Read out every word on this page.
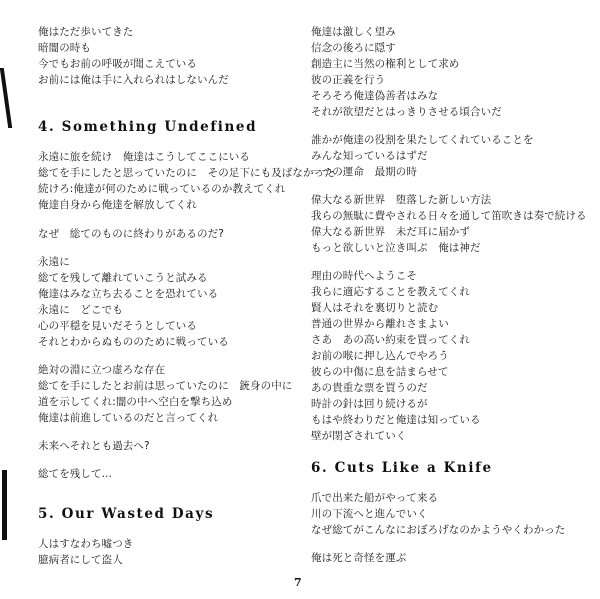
俺はただ歩いてきた
暗闇の時も
今でもお前の呼吸が聞こえている
お前には俺は手に入れられはしないんだ
4. Something Undefined
永遠に旅を続け　俺達はこうしてここにいる
総てを手にしたと思っていたのに　その足下にも及ばなかった
続けろ:俺達が何のために戦っているのか教えてくれ
俺達自身から俺達を解放してくれ
なぜ　総てのものに終わりがあるのだ?
永遠に
総てを残して離れていこうと試みる
俺達はみな立ち去ることを恐れている
永遠に　どこでも
心の平穏を見いだそうとしている
それとわからぬもののために戦っている
絶対の淵に立つ虚ろな存在
総てを手にしたとお前は思っていたのに　銃身の中に
道を示してくれ:闇の中へ空白を撃ち込め
俺達は前進しているのだと言ってくれ
未来へそれとも過去へ?
総てを残して...
5. Our Wasted Days
人はすなわち嘘つき
臆病者にして盗人
俺達は激しく望み
信念の後ろに隠す
創造主に当然の権利として求め
彼の正義を行う
そろそろ俺達偽善者はみな
それが欲望だとはっきりさせる頃合いだ
誰かが俺達の役割を果たしてくれていることを
みんな知っているはずだ
一つの運命　最期の時
偉大なる新世界　堕落した新しい方法
我らの無駄に費やされる日々を通して笛吹きは奏で続ける
偉大なる新世界　未だ耳に届かず
もっと欲しいと泣き叫ぶ　俺は神だ
理由の時代へようこそ
我らに適応することを教えてくれ
賢人はそれを裏切りと読む
普通の世界から離れさまよい
さあ　あの高い約束を買ってくれ
お前の喉に押し込んでやろう
彼らの中傷に息を詰まらせて
あの貴重な票を買うのだ
時計の針は回り続けるが
もはや終わりだと俺達は知っている
壁が閉ざされていく
6. Cuts Like a Knife
爪で出来た船がやって来る
川の下流へと進んでいく
なぜ総てがこんなにおぼろげなのかようやくわかった
俺は死と奇怪を運ぶ
7
